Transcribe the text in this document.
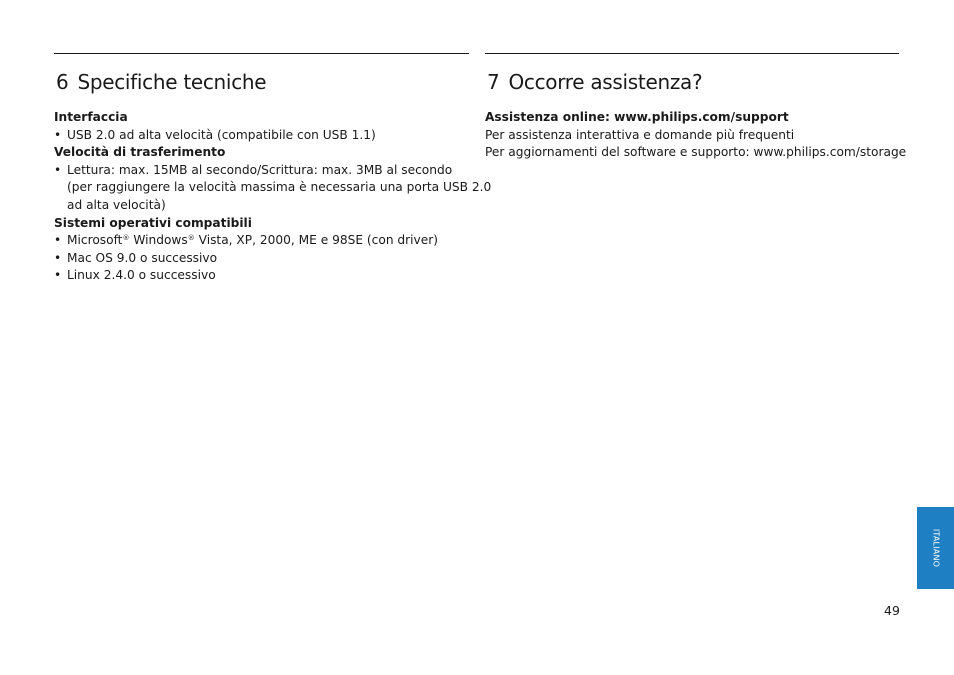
6 Specifiche tecniche
Interfaccia
• USB 2.0 ad alta velocità (compatibile con USB 1.1)
Velocità di trasferimento
• Lettura: max. 15MB al secondo/Scrittura: max. 3MB al secondo
(per raggiungere la velocità massima è necessaria una porta USB 2.0
ad alta velocità)
Sistemi operativi compatibili
• Microsoft® Windows® Vista, XP, 2000, ME e 98SE (con driver)
• Mac OS 9.0 o successivo
• Linux 2.4.0 o successivo
7 Occorre assistenza?
Assistenza online: www.philips.com/support
Per assistenza interattiva e domande più frequenti
Per aggiornamenti del software e supporto: www.philips.com/storage
ITALIANO
49
